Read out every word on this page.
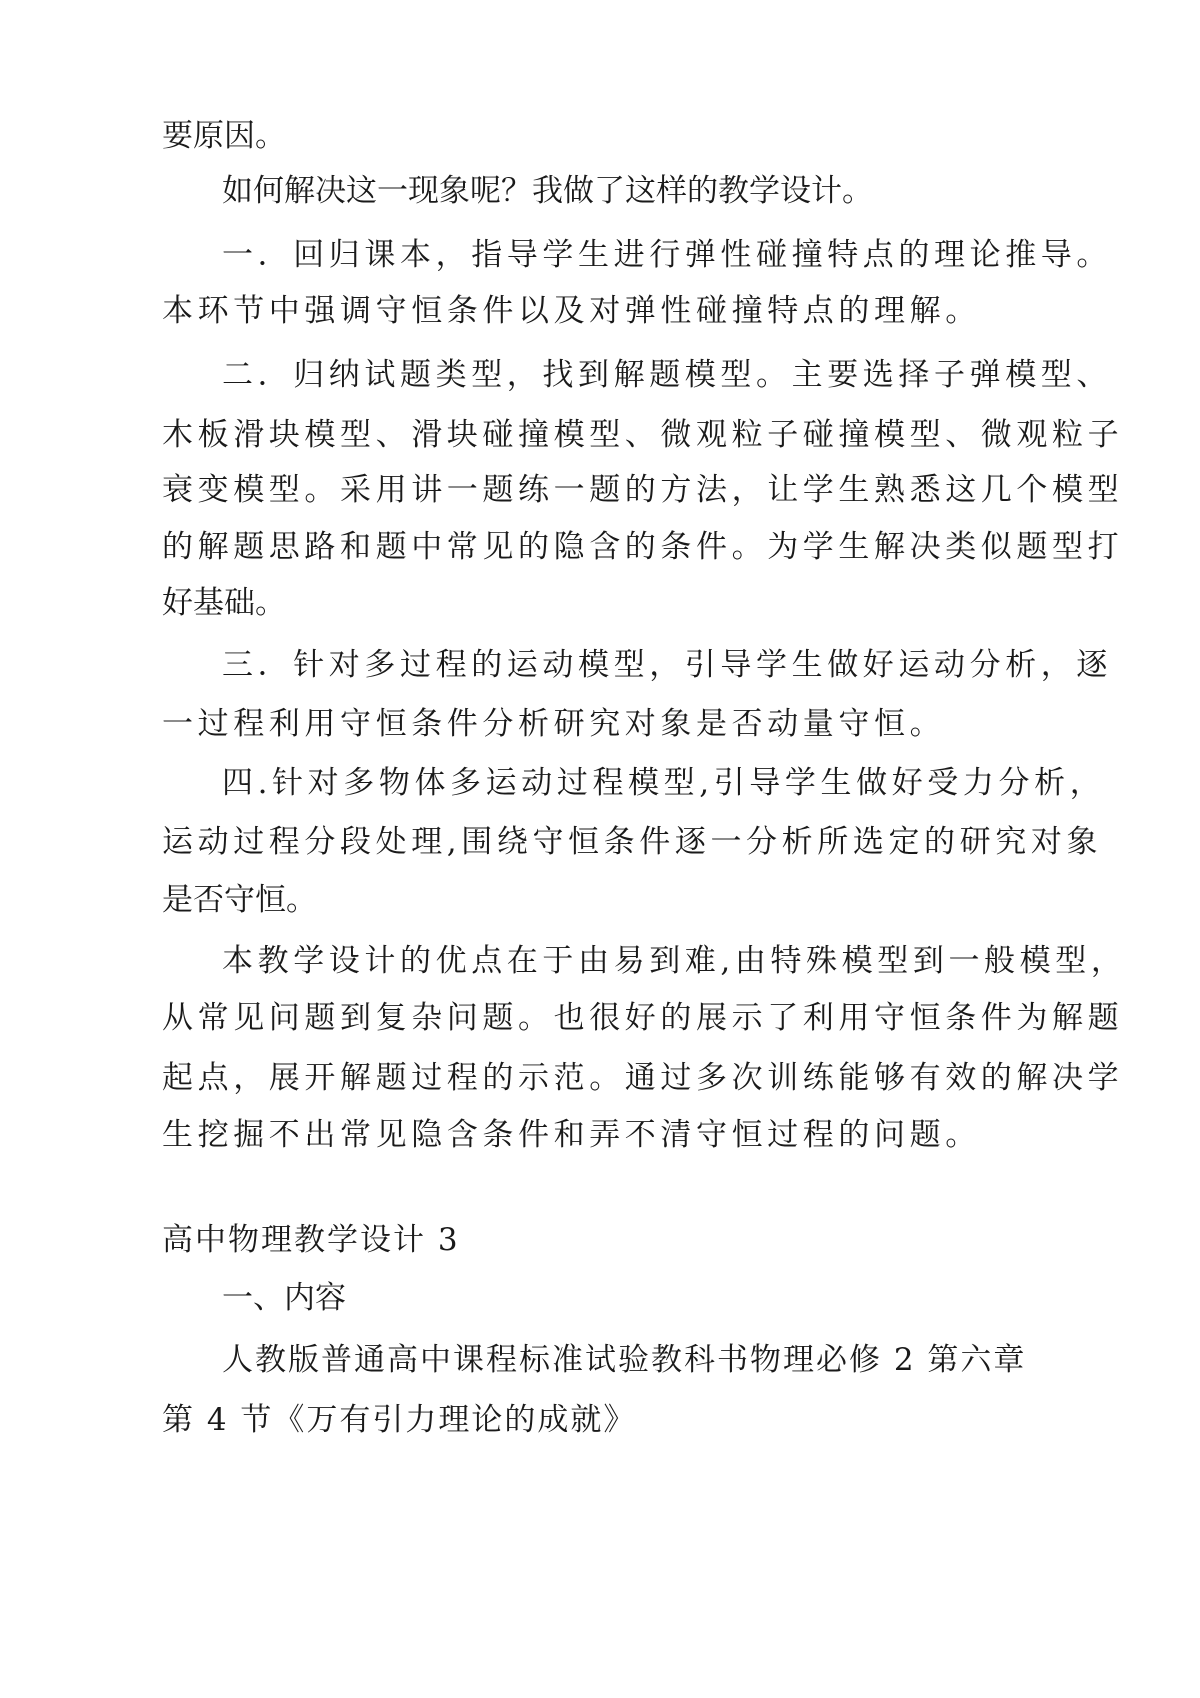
要原因。
如何解决这一现象呢？我做了这样的教学设计。
一．回归课本，指导学生进行弹性碰撞特点的理论推导。
本环节中强调守恒条件以及对弹性碰撞特点的理解。
二．归纳试题类型，找到解题模型。主要选择子弹模型、
木板滑块模型、滑块碰撞模型、微观粒子碰撞模型、微观粒子
衰变模型。采用讲一题练一题的方法，让学生熟悉这几个模型
的解题思路和题中常见的隐含的条件。为学生解决类似题型打
好基础。
三．针对多过程的运动模型，引导学生做好运动分析，逐
一过程利用守恒条件分析研究对象是否动量守恒。
四.针对多物体多运动过程模型,引导学生做好受力分析，
运动过程分段处理,围绕守恒条件逐一分析所选定的研究对象
是否守恒。
本教学设计的优点在于由易到难,由特殊模型到一般模型，
从常见问题到复杂问题。也很好的展示了利用守恒条件为解题
起点，展开解题过程的示范。通过多次训练能够有效的解决学
生挖掘不出常见隐含条件和弄不清守恒过程的问题。
高中物理教学设计 3
一、内容
人教版普通高中课程标准试验教科书物理必修 2 第六章
第 4 节《万有引力理论的成就》
